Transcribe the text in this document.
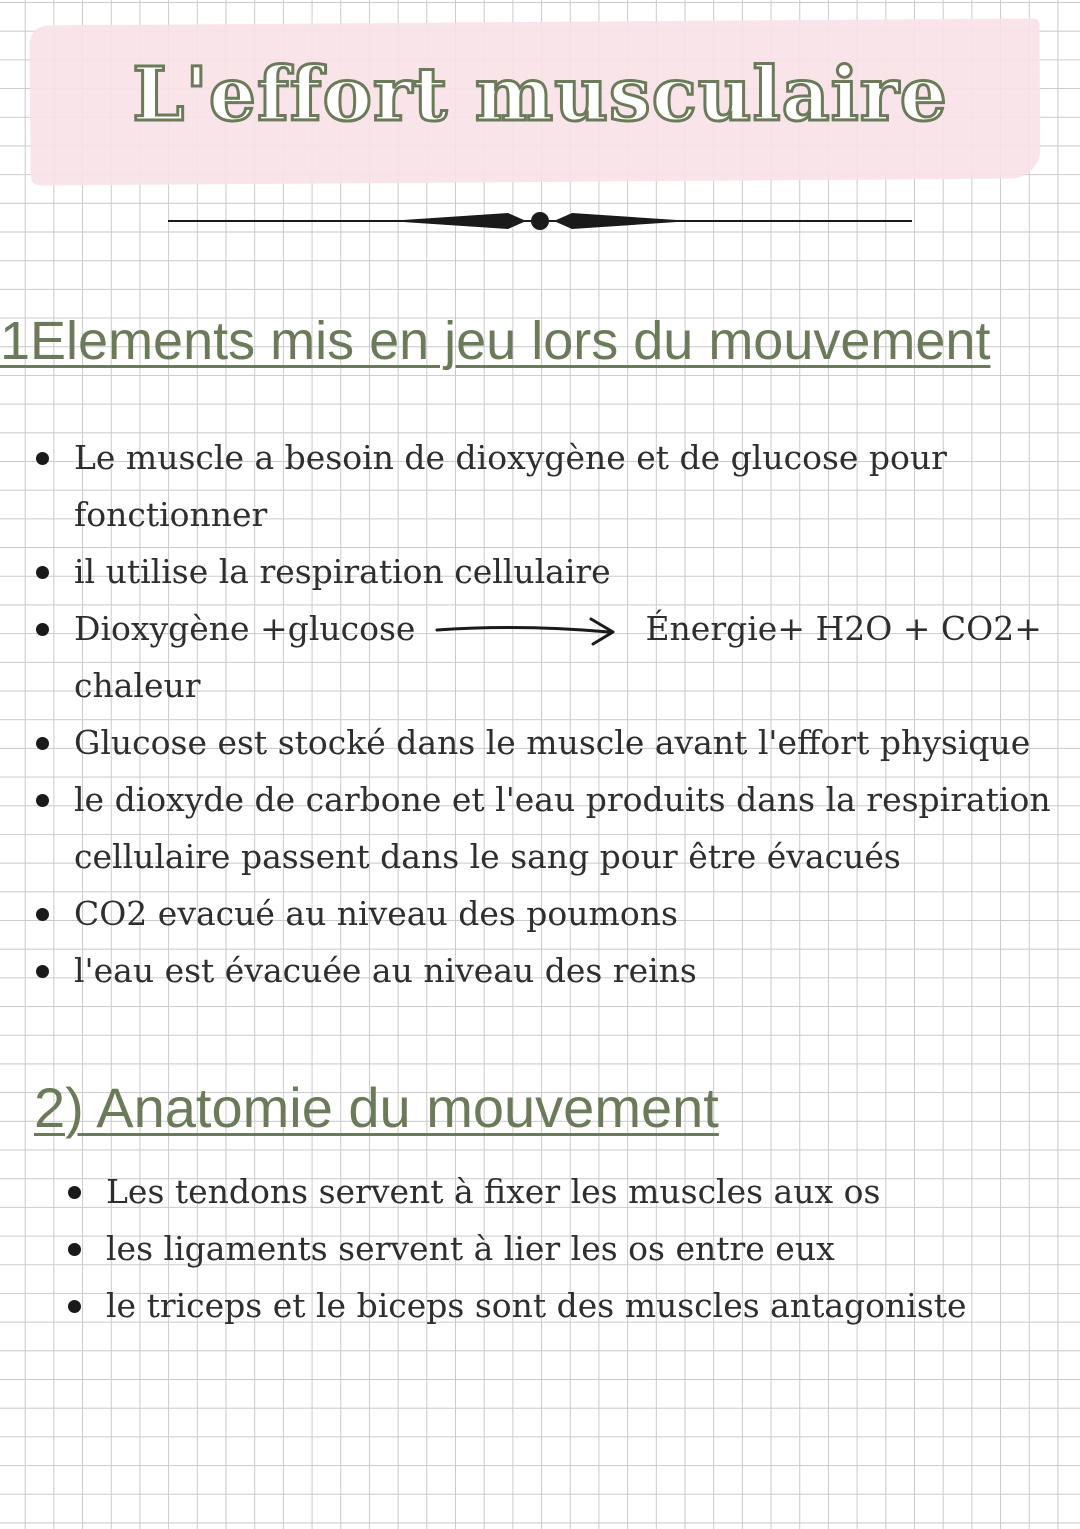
L'effort musculaire
1Elements mis en jeu lors du mouvement
Le muscle a besoin de dioxygène et de glucose pour fonctionner
il utilise la respiration cellulaire
Dioxygène +glucose	Énergie+ H2O + CO2+ chaleur
Glucose est stocké dans le muscle avant l'effort physique
le dioxyde de carbone et l'eau produits dans la respiration cellulaire passent dans le sang pour être évacués
CO2 evacué au niveau des poumons
l'eau est évacuée au niveau des reins
2) Anatomie du mouvement
Les tendons servent à fixer les muscles aux os
les ligaments servent à lier les os entre eux
le triceps et le biceps sont des muscles antagoniste
